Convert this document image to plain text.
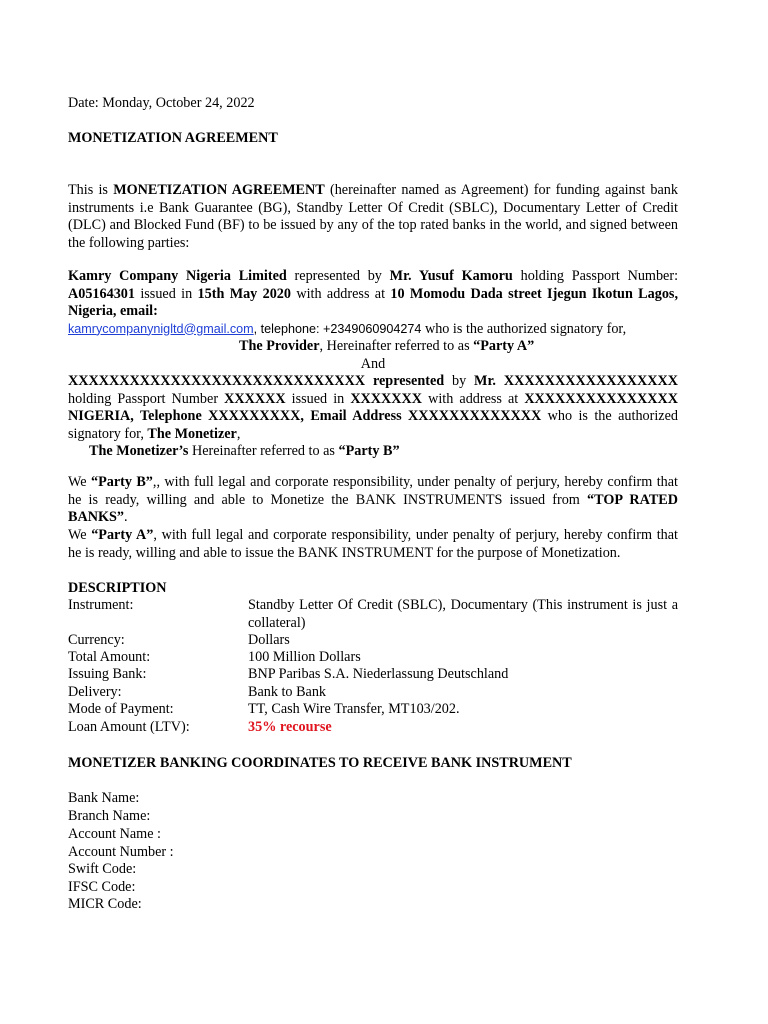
Date: Monday, October 24, 2022

MONETIZATION AGREEMENT

This is MONETIZATION AGREEMENT (hereinafter named as Agreement) for funding against bank instruments i.e Bank Guarantee (BG), Standby Letter Of Credit (SBLC), Documentary Letter of Credit (DLC) and Blocked Fund (BF) to be issued by any of the top rated banks in the world, and signed between the following parties:

Kamry Company Nigeria Limited represented by Mr. Yusuf Kamoru holding Passport Number: A05164301 issued in 15th May 2020 with address at 10 Momodu Dada street Ijegun Ikotun Lagos, Nigeria, email:
kamrycompanynigltd@gmail.com, telephone: +2349060904274 who is the authorized signatory for,

The Provider, Hereinafter referred to as “Party A”

And

XXXXXXXXXXXXXXXXXXXXXXXXXXXXX represented by Mr. XXXXXXXXXXXXXXXXX holding Passport Number XXXXXX issued in XXXXXXX with address at XXXXXXXXXXXXXXX NIGERIA, Telephone XXXXXXXXX, Email Address XXXXXXXXXXXXX who is the authorized signatory for, The Monetizer,

The Monetizer’s Hereinafter referred to as “Party B”

We “Party B”,, with full legal and corporate responsibility, under penalty of perjury, hereby confirm that he is ready, willing and able to Monetize the BANK INSTRUMENTS issued from “TOP RATED BANKS”.

We “Party A”, with full legal and corporate responsibility, under penalty of perjury, hereby confirm that he is ready, willing and able to issue the BANK INSTRUMENT for the purpose of Monetization.

DESCRIPTION

Instrument:	Standby Letter Of Credit (SBLC), Documentary (This instrument is just a collateral)
Currency:	Dollars
Total Amount:	100 Million Dollars
Issuing Bank:	BNP Paribas S.A. Niederlassung Deutschland
Delivery:	Bank to Bank
Mode of Payment:	TT, Cash Wire Transfer, MT103/202.
Loan Amount (LTV):	35% recourse

MONETIZER BANKING COORDINATES TO RECEIVE BANK INSTRUMENT

Bank Name:

Branch Name:

Account Name :

Account Number :

Swift Code:

IFSC Code:

MICR Code:
